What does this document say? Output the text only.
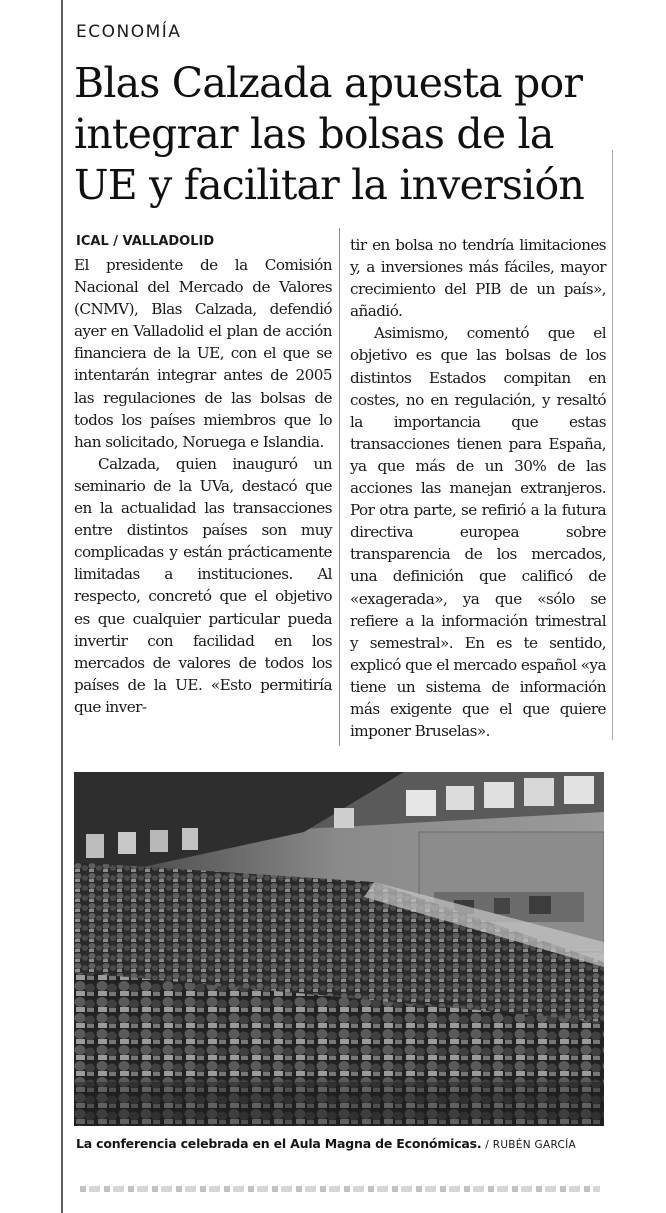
ECONOMÍA
Blas Calzada apuesta por
integrar las bolsas de la
UE y facilitar la inversión
ICAL / VALLADOLID

El presidente de la Comisión Nacional del Mercado de Valores (CNMV), Blas Calzada, defendió ayer en Valladolid el plan de acción financiera de la UE, con el que se intentarán integrar antes de 2005 las regulaciones de las bolsas de todos los países miembros que lo han solicitado, Noruega e Islandia.

Calzada, quien inauguró un seminario de la UVa, destacó que en la actualidad las transacciones entre distintos países son muy complicadas y están prácticamente limitadas a instituciones. Al respecto, concretó que el objetivo es que cualquier particular pueda invertir con facilidad en los mercados de valores de todos los países de la UE. «Esto permitiría que inver-

tir en bolsa no tendría limitaciones y, a inversiones más fáciles, mayor crecimiento del PIB de un país», añadió.

Asimismo, comentó que el objetivo es que las bolsas de los distintos Estados compitan en costes, no en regulación, y resaltó la importancia que estas transacciones tienen para España, ya que más de un 30% de las acciones las manejan extranjeros. Por otra parte, se refirió a la futura directiva europea sobre transparencia de los mercados, una definición que calificó de «exagerada», ya que «sólo se refiere a la información trimestral y semestral». En es te sentido, explicó que el mercado español «ya tiene un sistema de información más exigente que el que quiere imponer Bruselas».

La conferencia celebrada en el Aula Magna de Económicas. / RUBÉN GARCÍA
